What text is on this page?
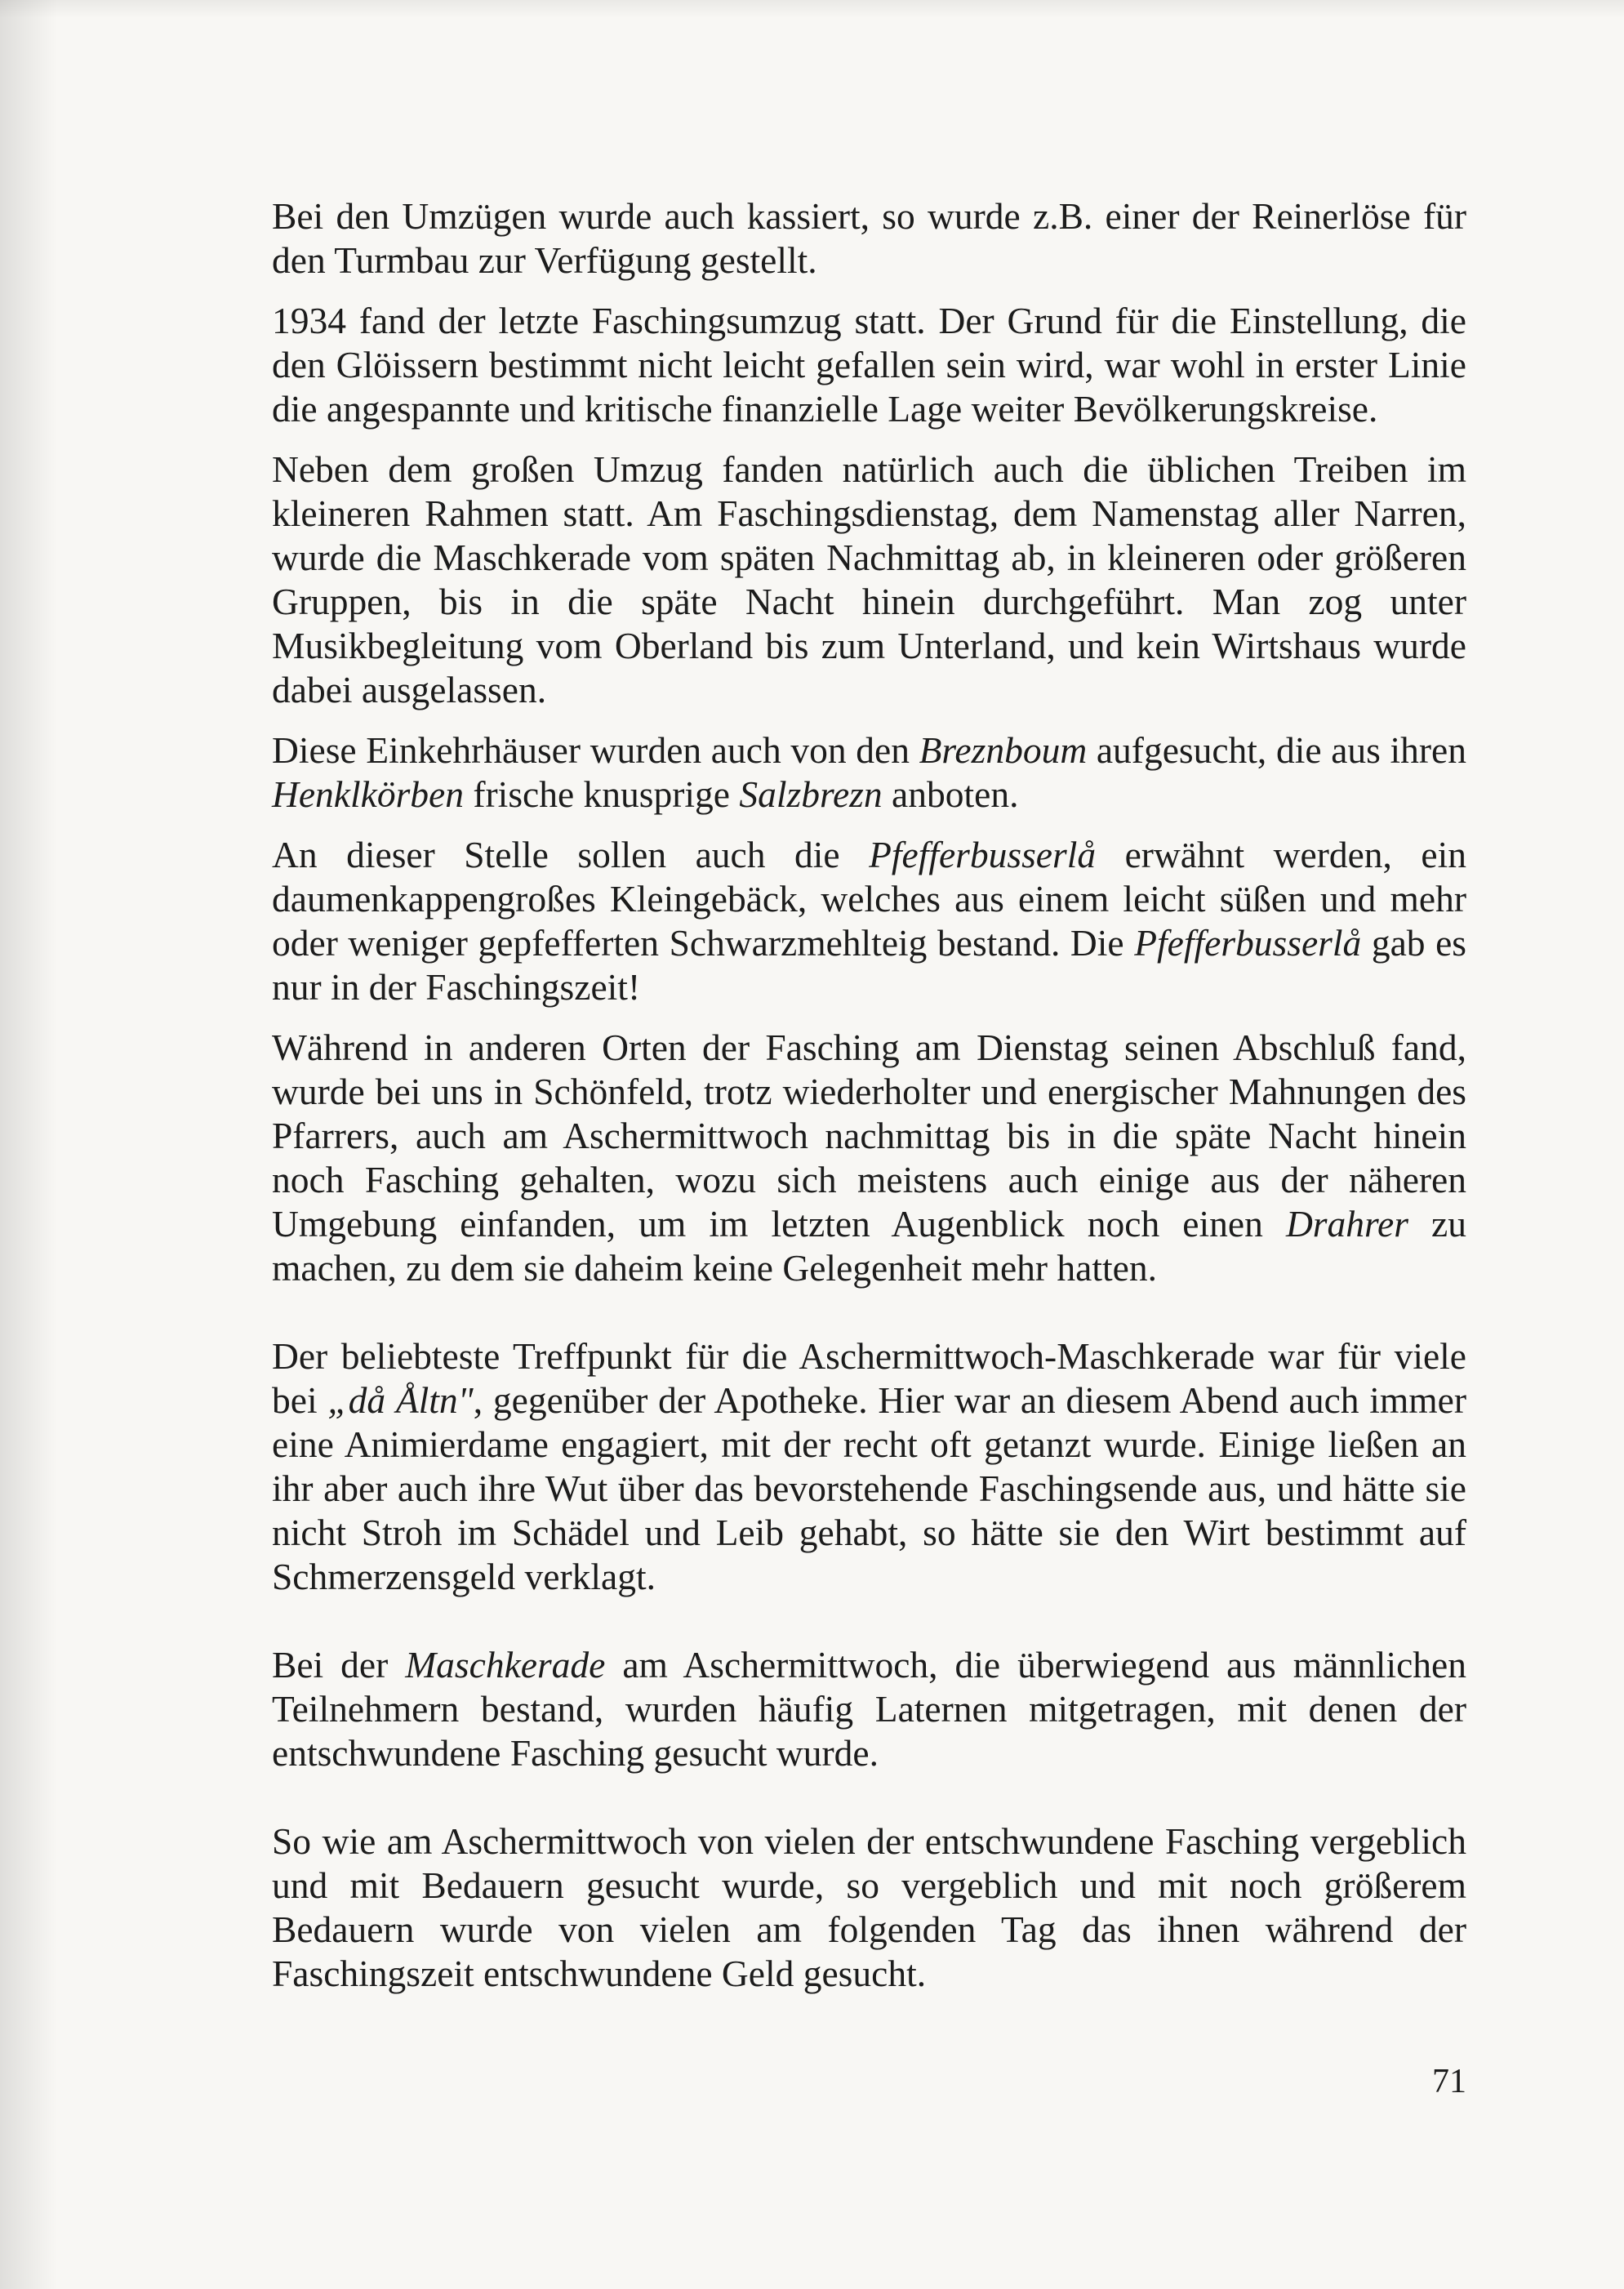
Bei den Umzügen wurde auch kassiert, so wurde z.B. einer der Reinerlöse für den Turmbau zur Verfügung gestellt.

1934 fand der letzte Faschingsumzug statt. Der Grund für die Einstellung, die den Glöissern bestimmt nicht leicht gefallen sein wird, war wohl in erster Linie die angespannte und kritische finanzielle Lage weiter Bevölkerungskreise.

Neben dem großen Umzug fanden natürlich auch die üblichen Treiben im kleineren Rahmen statt. Am Faschingsdienstag, dem Namenstag aller Narren, wurde die Maschkerade vom späten Nachmittag ab, in kleineren oder größeren Gruppen, bis in die späte Nacht hinein durchgeführt. Man zog unter Musikbegleitung vom Oberland bis zum Unterland, und kein Wirtshaus wurde dabei ausgelassen.

Diese Einkehrhäuser wurden auch von den Breznboum aufgesucht, die aus ihren Henklkörben frische knusprige Salzbrezn anboten.

An dieser Stelle sollen auch die Pfefferbusserlå erwähnt werden, ein daumenkappengroßes Kleingebäck, welches aus einem leicht süßen und mehr oder weniger gepfefferten Schwarzmehlteig bestand. Die Pfefferbusserlå gab es nur in der Faschingszeit!

Während in anderen Orten der Fasching am Dienstag seinen Abschluß fand, wurde bei uns in Schönfeld, trotz wiederholter und energischer Mahnungen des Pfarrers, auch am Aschermittwoch nachmittag bis in die späte Nacht hinein noch Fasching gehalten, wozu sich meistens auch einige aus der näheren Umgebung einfanden, um im letzten Augenblick noch einen Drahrer zu machen, zu dem sie daheim keine Gelegenheit mehr hatten.

Der beliebteste Treffpunkt für die Aschermittwoch-Maschkerade war für viele bei „då Åltn", gegenüber der Apotheke. Hier war an diesem Abend auch immer eine Animierdame engagiert, mit der recht oft getanzt wurde. Einige ließen an ihr aber auch ihre Wut über das bevorstehende Faschingsende aus, und hätte sie nicht Stroh im Schädel und Leib gehabt, so hätte sie den Wirt bestimmt auf Schmerzensgeld verklagt.

Bei der Maschkerade am Aschermittwoch, die überwiegend aus männlichen Teilnehmern bestand, wurden häufig Laternen mitgetragen, mit denen der entschwundene Fasching gesucht wurde.

So wie am Aschermittwoch von vielen der entschwundene Fasching vergeblich und mit Bedauern gesucht wurde, so vergeblich und mit noch größerem Bedauern wurde von vielen am folgenden Tag das ihnen während der Faschingszeit entschwundene Geld gesucht.

71
